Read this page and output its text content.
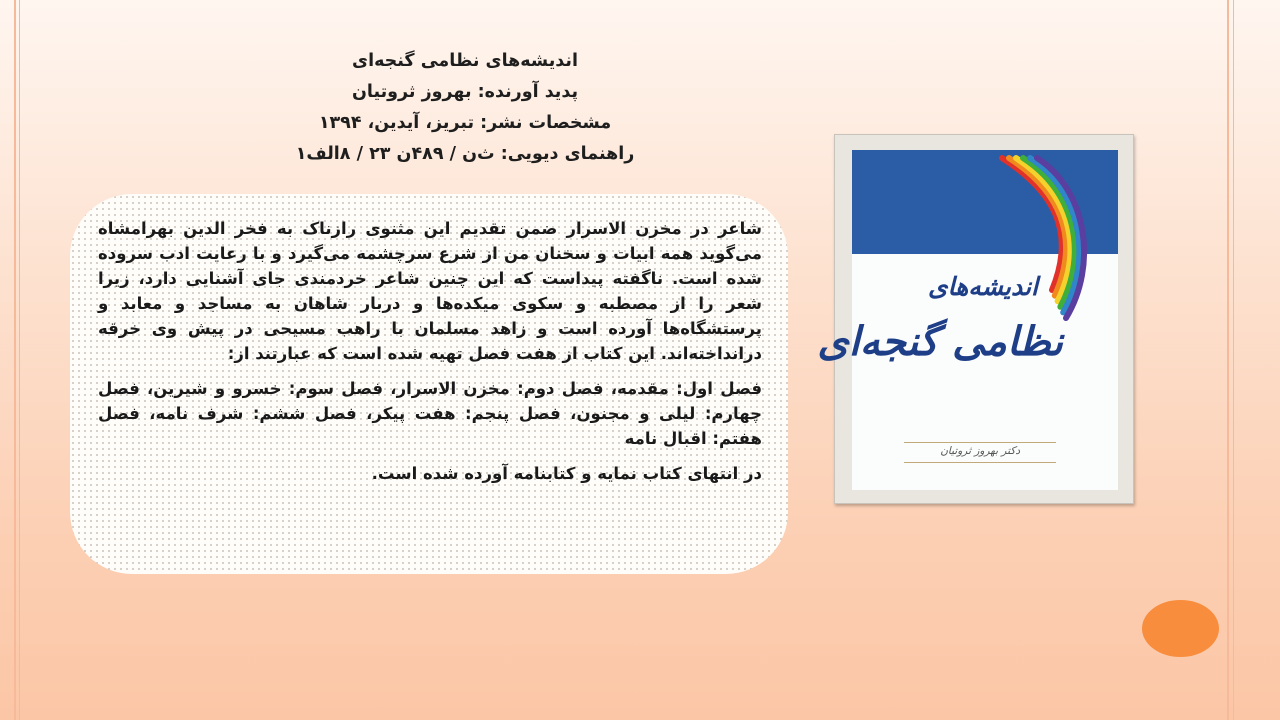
اندیشه‌های نظامی گنجه‌ای
پدید آورنده: بهروز ثروتیان
مشخصات نشر: تبریز، آیدین، ۱۳۹۴
راهنمای دیویی: ث‌ن / ۴۸۹ن ۲۳ / ۸الف۱

شاعر در مخزن الاسرار ضمن تقدیم این مثنوی رازناک به فخر الدین بهرامشاه می‌گوید همه ابیات و سخنان من از شرع سرچشمه می‌گیرد و با رعایت ادب سروده شده است. ناگفته پیداست که این چنین شاعر خردمندی جای آشنایی دارد، زیرا شعر را از مصطبه و سکوی میکده‌ها و دربار شاهان به مساجد و معابد و پرستشگاه‌ها آورده است و زاهد مسلمان با راهب مسیحی در پیش وی خرقه درانداخته‌اند. این کتاب از هفت فصل تهیه شده است که عبارتند از:

فصل اول: مقدمه، فصل دوم: مخزن الاسرار، فصل سوم: خسرو و شیرین، فصل چهارم: لیلی و مجنون، فصل پنجم: هفت پیکر، فصل ششم: شرف نامه، فصل هفتم: اقبال نامه

در انتهای کتاب نمایه و کتابنامه آورده شده است.

اندیشه‌های
نظامی گنجه‌ای
دکتر بهروز ثروتیان
